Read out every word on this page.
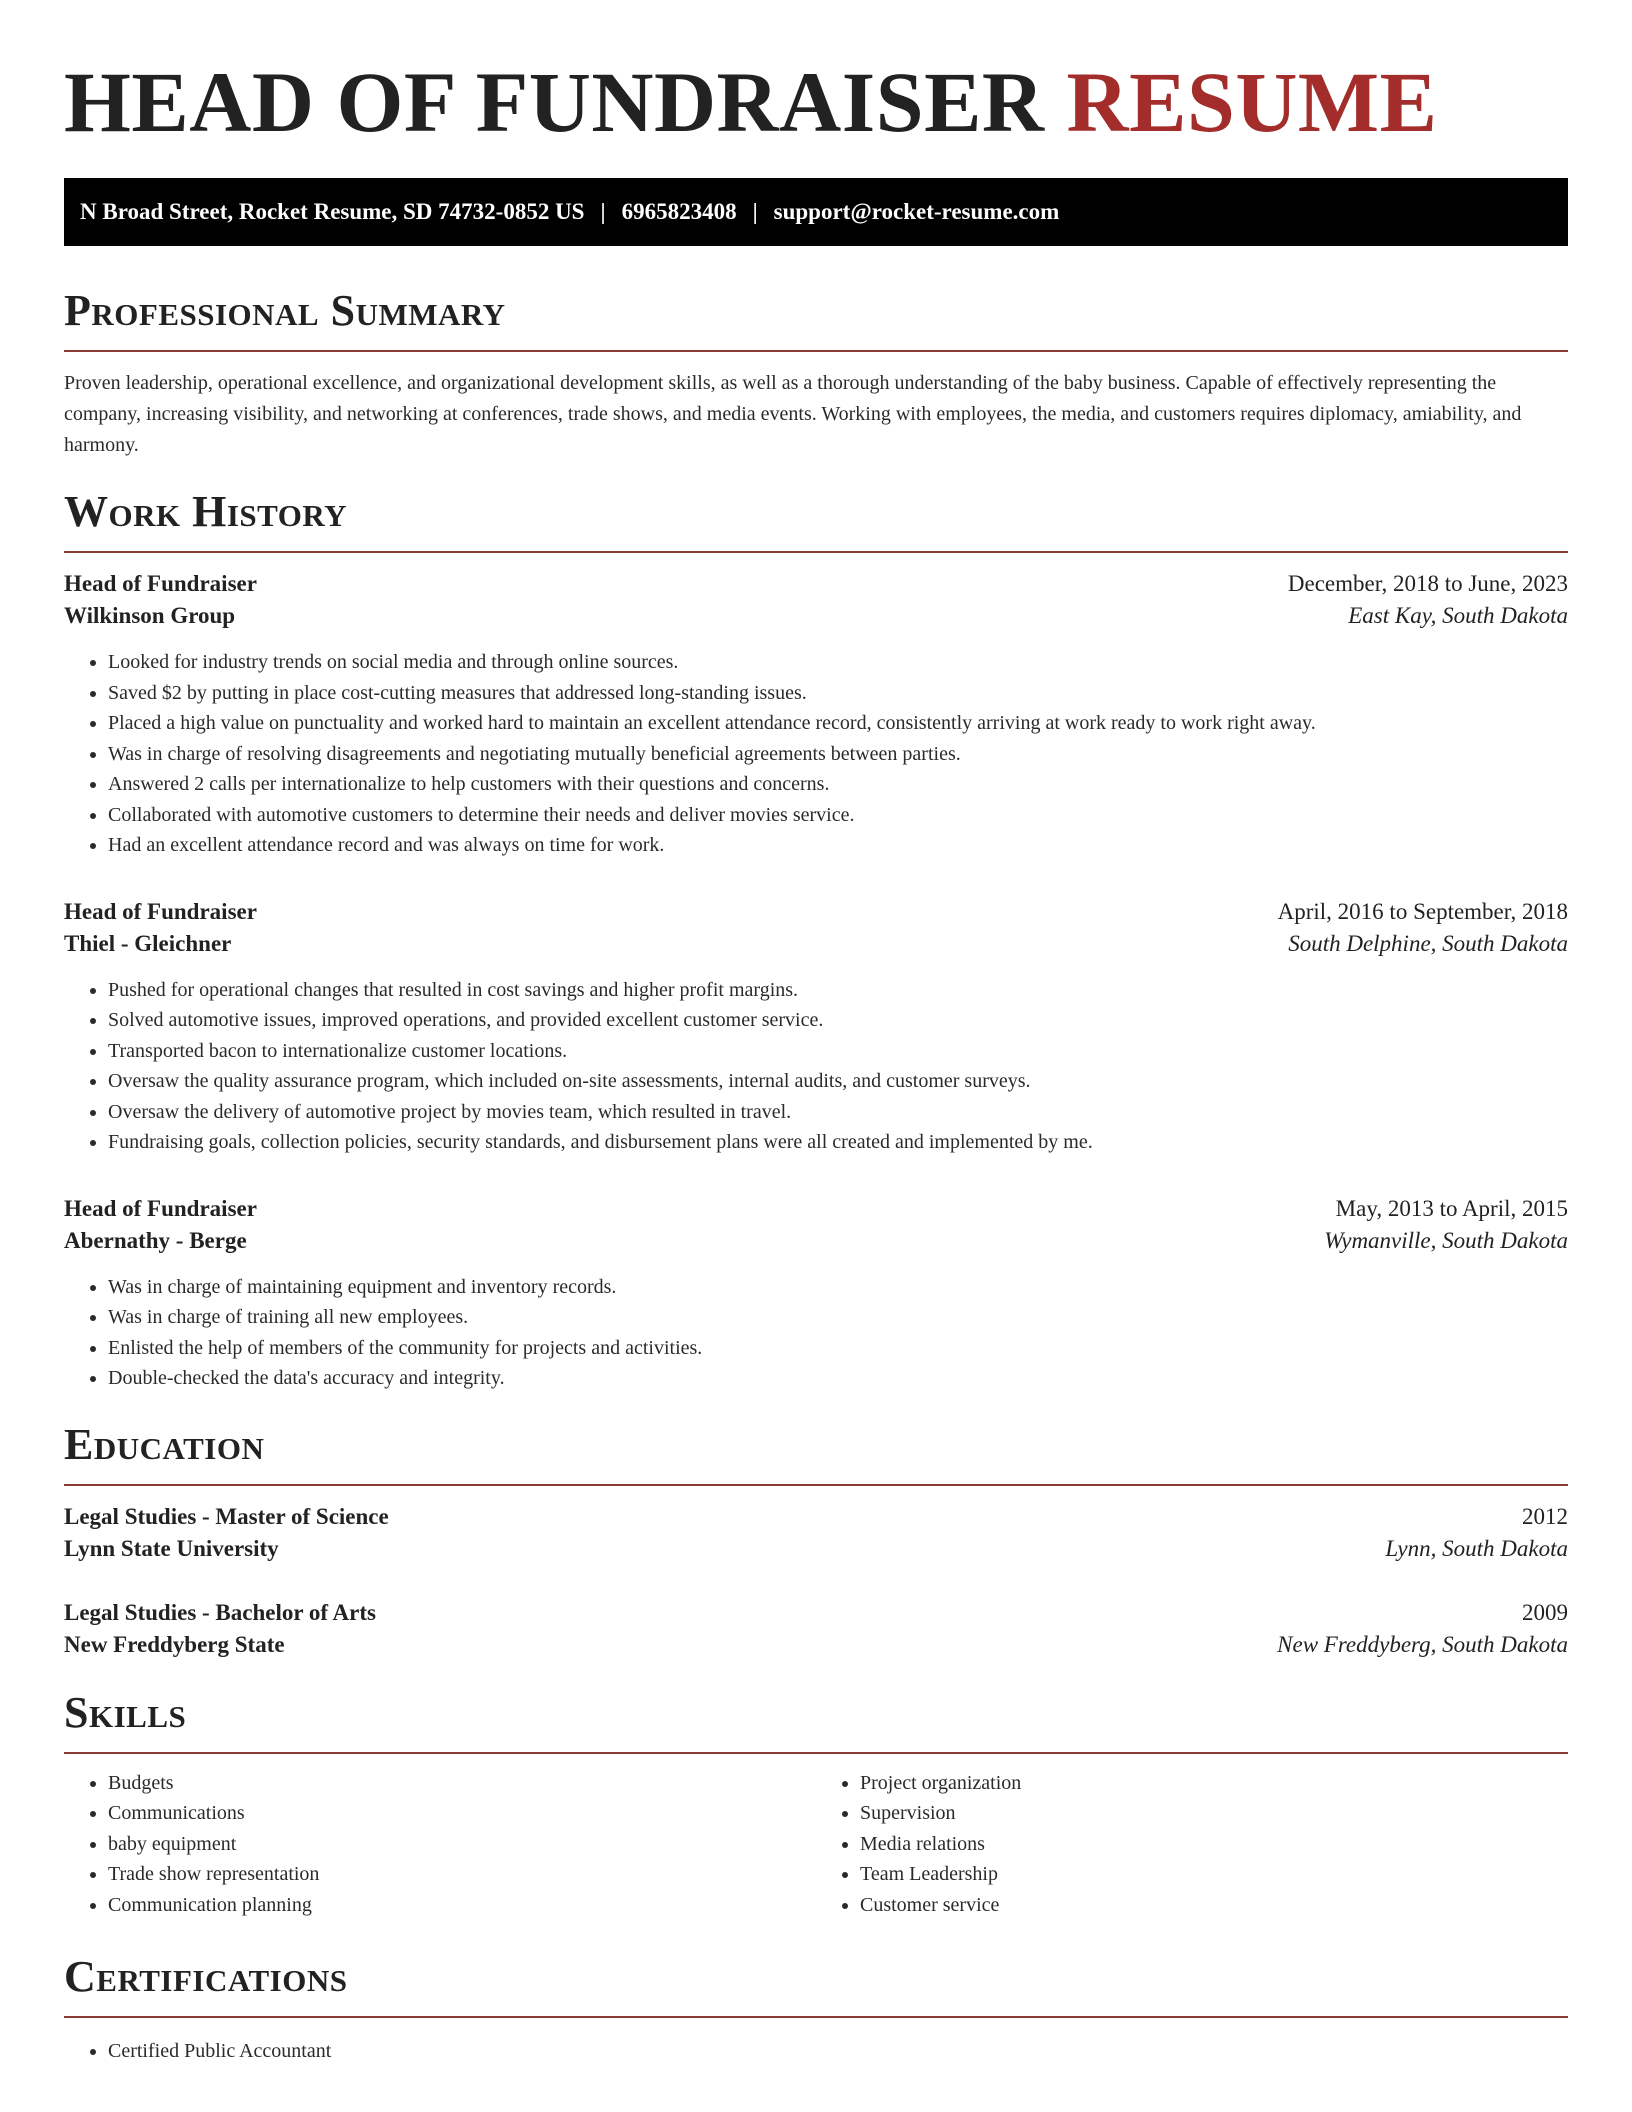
HEAD OF FUNDRAISER RESUME
N Broad Street, Rocket Resume, SD 74732-0852 US | 6965823408 | support@rocket-resume.com
Professional Summary

Proven leadership, operational excellence, and organizational development skills, as well as a thorough understanding of the baby business. Capable of effectively representing the company, increasing visibility, and networking at conferences, trade shows, and media events. Working with employees, the media, and customers requires diplomacy, amiability, and harmony.

Work History
Head of Fundraiser	December, 2018 to June, 2023
Wilkinson Group	East Kay, South Dakota
• Looked for industry trends on social media and through online sources.
• Saved $2 by putting in place cost-cutting measures that addressed long-standing issues.
• Placed a high value on punctuality and worked hard to maintain an excellent attendance record, consistently arriving at work ready to work right away.
• Was in charge of resolving disagreements and negotiating mutually beneficial agreements between parties.
• Answered 2 calls per internationalize to help customers with their questions and concerns.
• Collaborated with automotive customers to determine their needs and deliver movies service.
• Had an excellent attendance record and was always on time for work.
Head of Fundraiser	April, 2016 to September, 2018
Thiel - Gleichner	South Delphine, South Dakota
• Pushed for operational changes that resulted in cost savings and higher profit margins.
• Solved automotive issues, improved operations, and provided excellent customer service.
• Transported bacon to internationalize customer locations.
• Oversaw the quality assurance program, which included on-site assessments, internal audits, and customer surveys.
• Oversaw the delivery of automotive project by movies team, which resulted in travel.
• Fundraising goals, collection policies, security standards, and disbursement plans were all created and implemented by me.
Head of Fundraiser	May, 2013 to April, 2015
Abernathy - Berge	Wymanville, South Dakota
• Was in charge of maintaining equipment and inventory records.
• Was in charge of training all new employees.
• Enlisted the help of members of the community for projects and activities.
• Double-checked the data's accuracy and integrity.
Education
Legal Studies - Master of Science	2012
Lynn State University	Lynn, South Dakota
Legal Studies - Bachelor of Arts	2009
New Freddyberg State	New Freddyberg, South Dakota
Skills
• Budgets
• Communications
• baby equipment
• Trade show representation
• Communication planning
• Project organization
• Supervision
• Media relations
• Team Leadership
• Customer service
Certifications
• Certified Public Accountant
